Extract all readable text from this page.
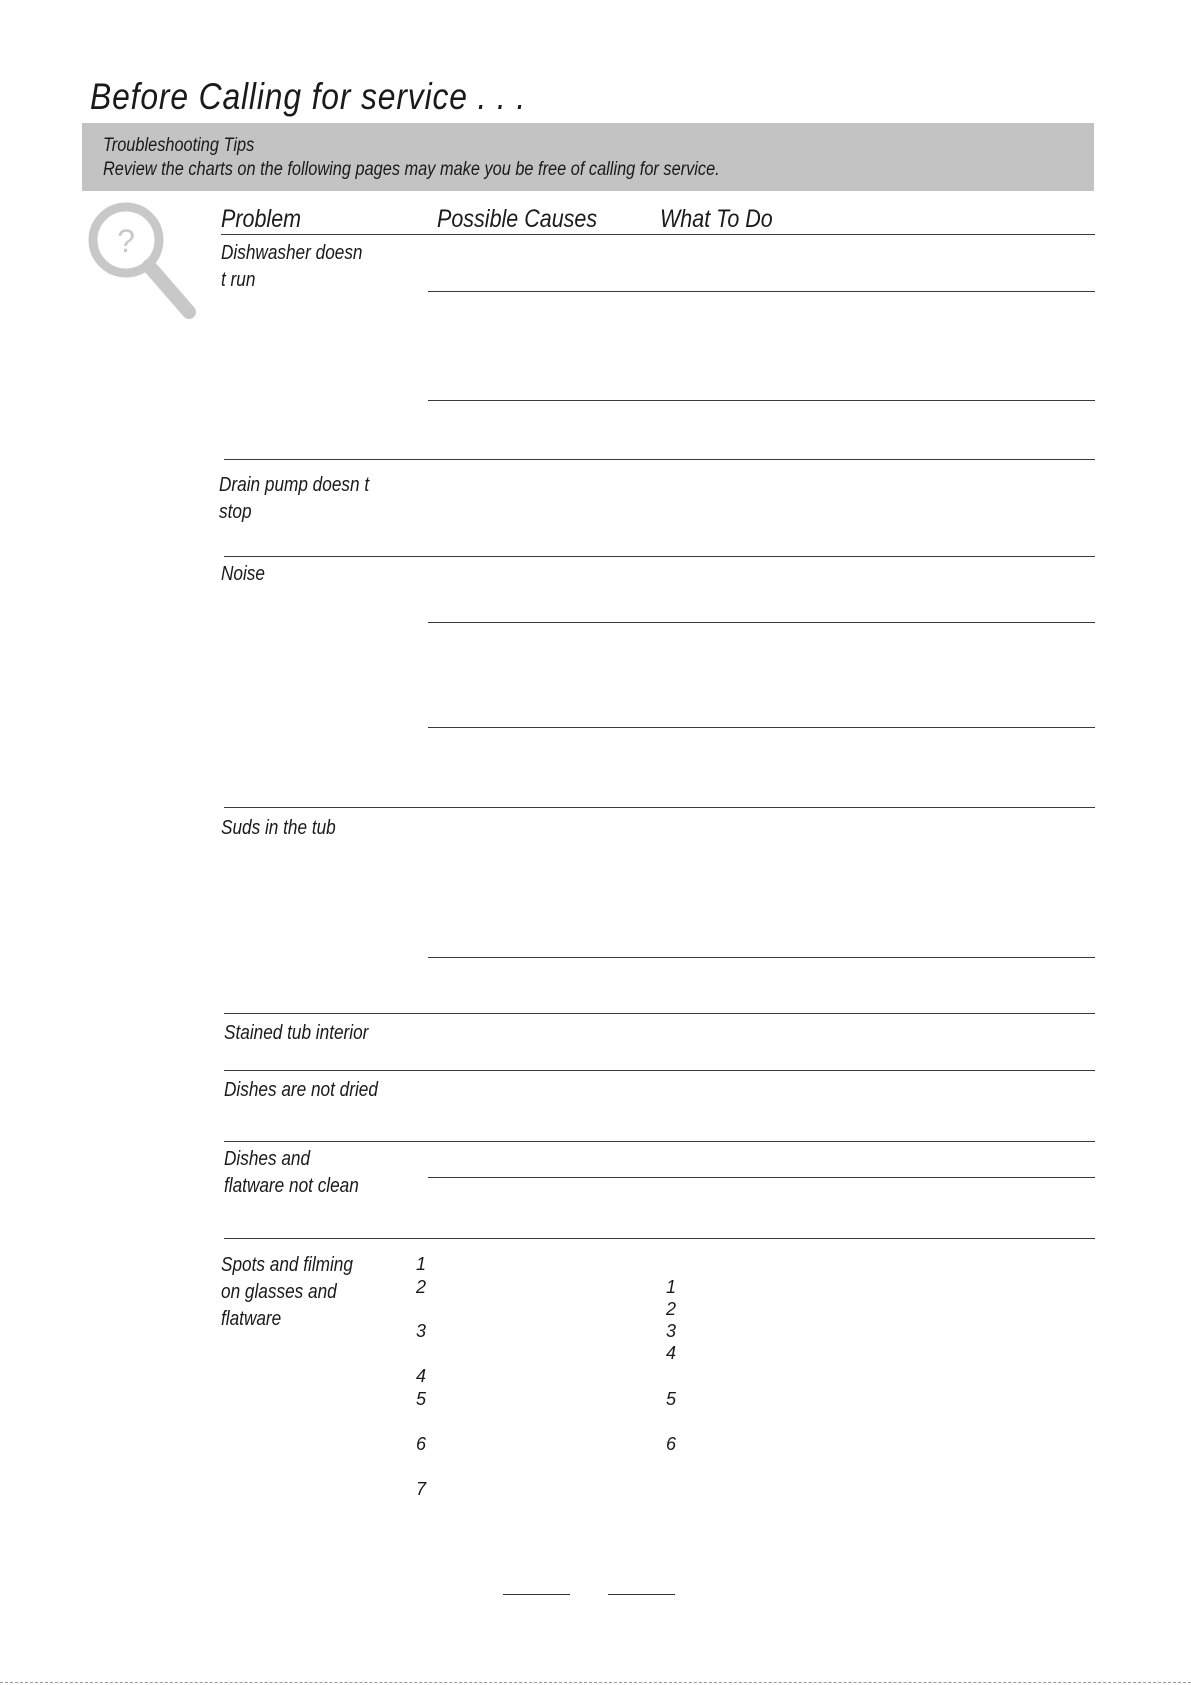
Before Calling for service . . .
Troubleshooting Tips
Review the charts on the following pages may make you be free of calling for service.
?
Problem	Possible Causes	What To Do
Dishwasher doesn t run
Drain pump doesn t stop
Noise
Suds in the tub
Stained tub interior
Dishes are not dried
Dishes and flatware not clean
Spots and filming on glasses and flatware
1
2
3
4
5
6
7
1
2
3
4
5
6
